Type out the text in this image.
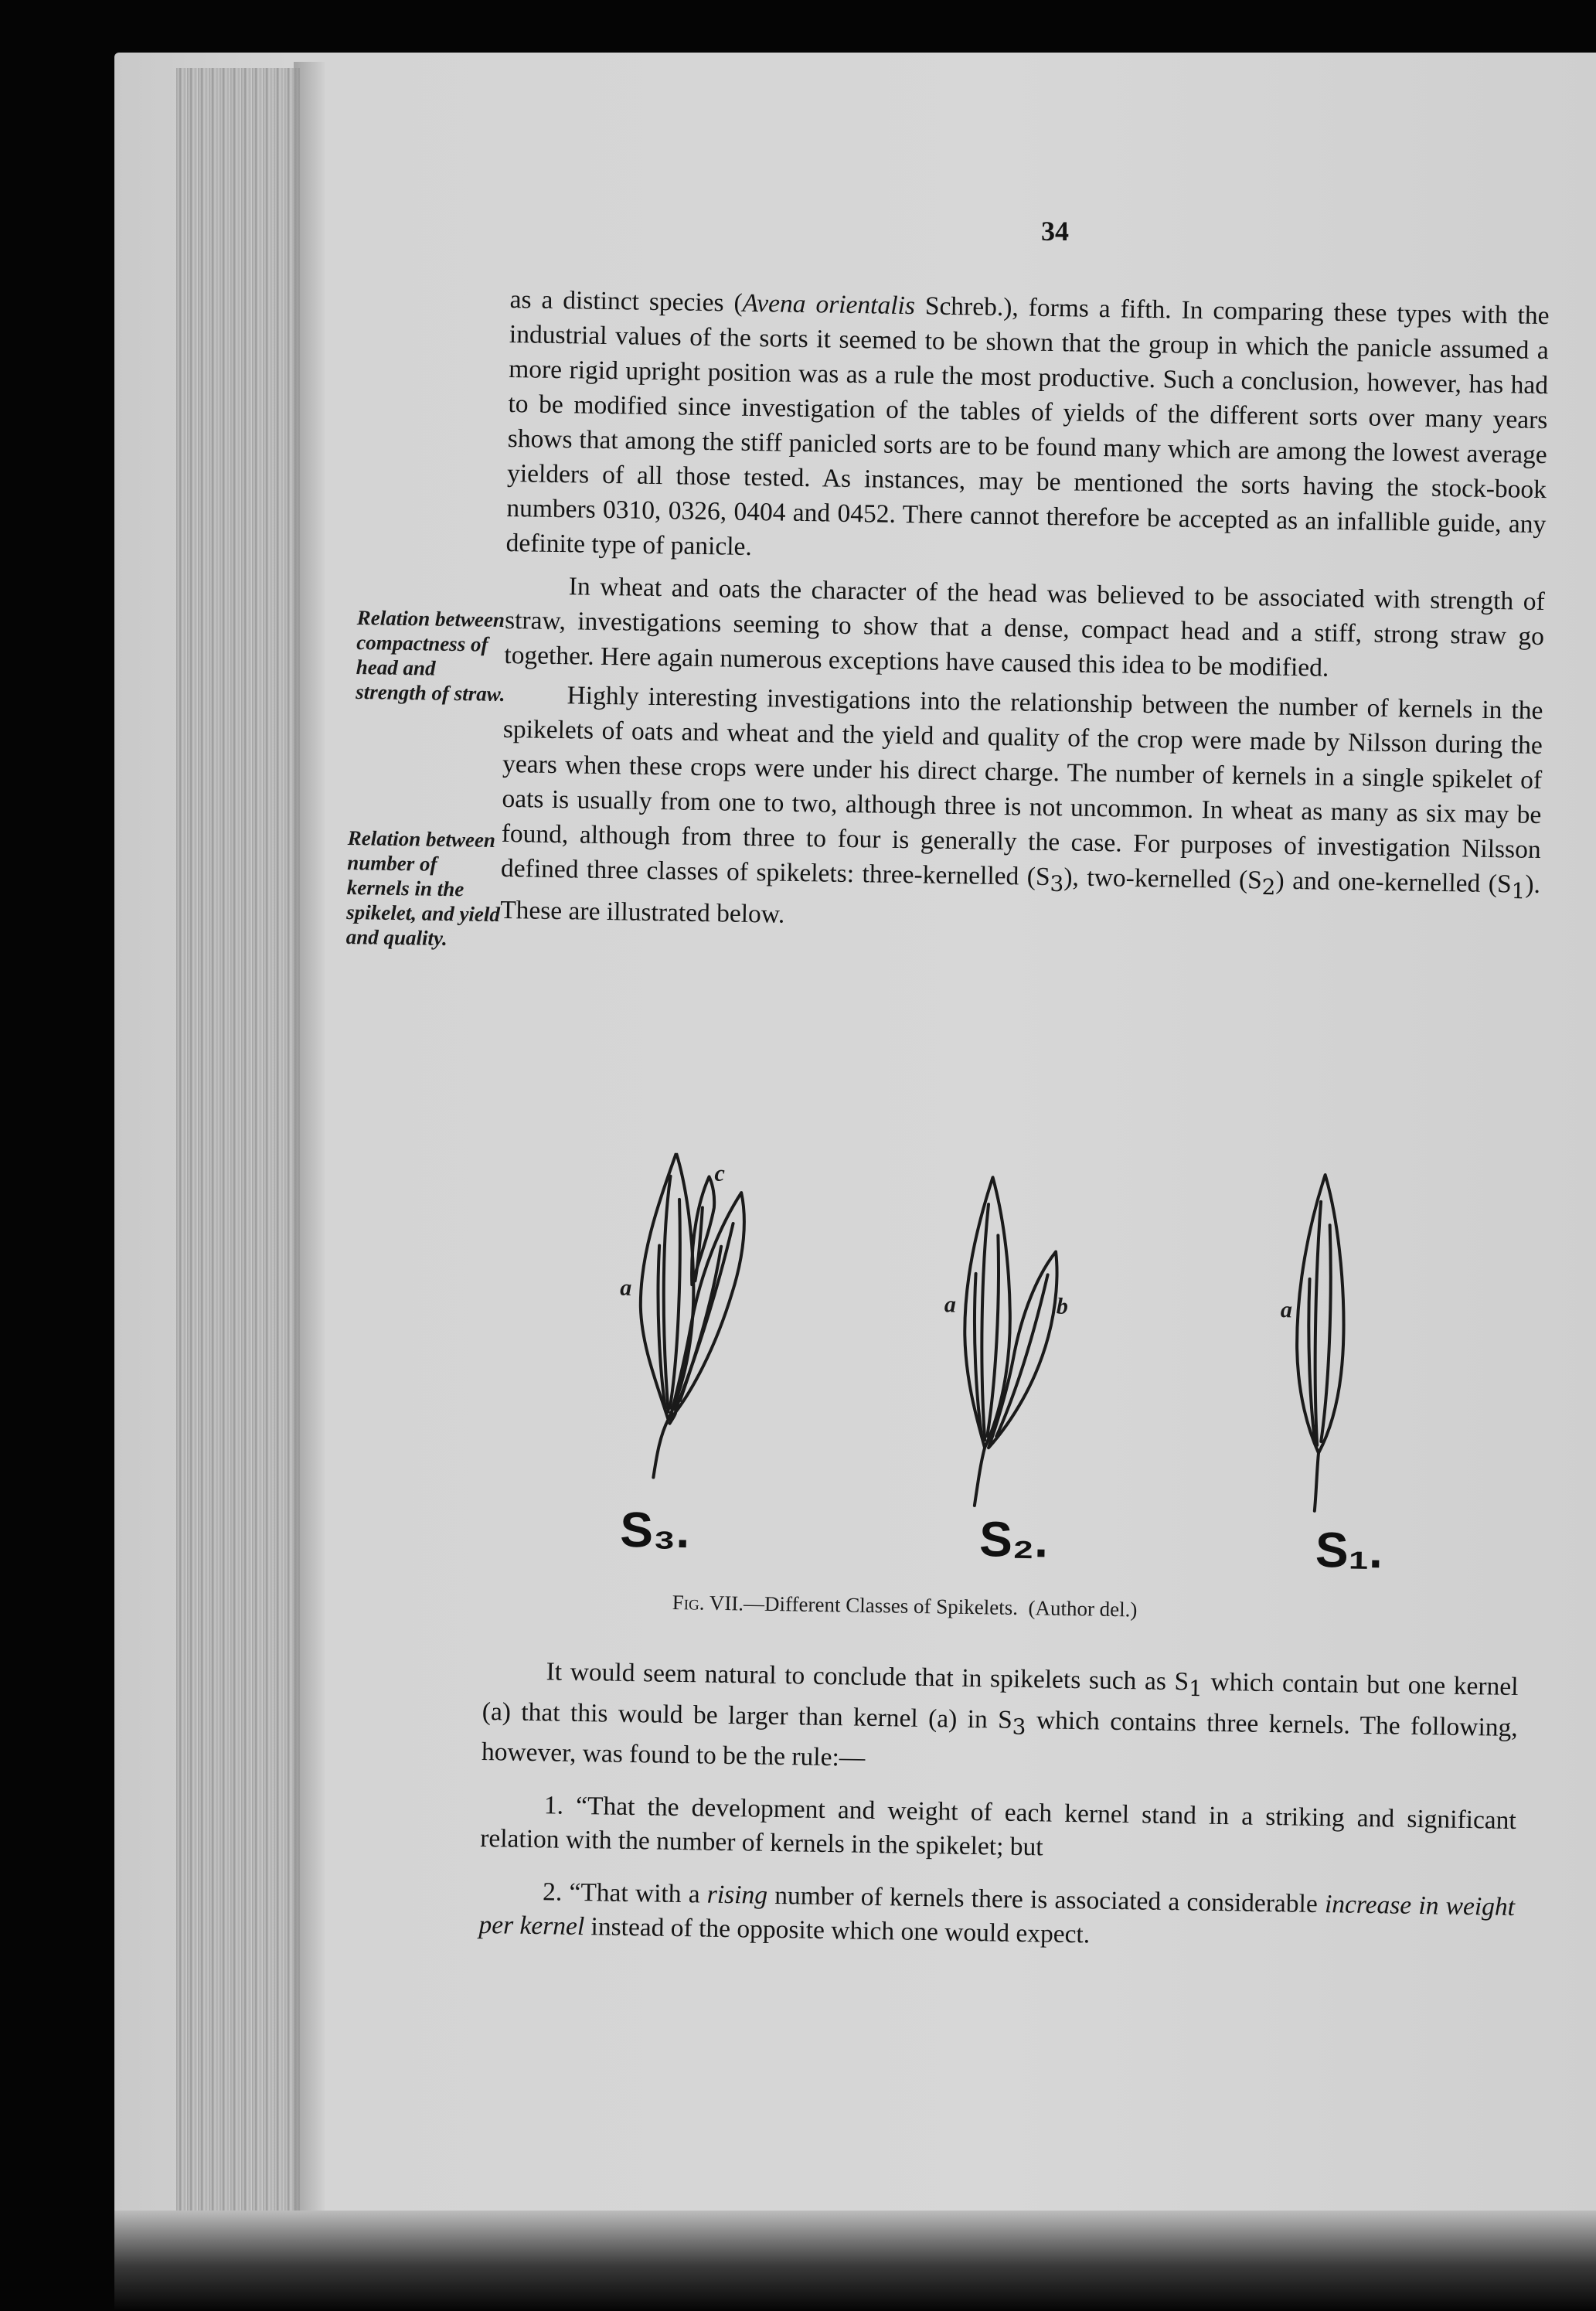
34

as a distinct species (Avena orientalis Schreb.), forms a fifth. In comparing these types with the industrial values of the sorts it seemed to be shown that the group in which the panicle assumed a more rigid upright position was as a rule the most productive. Such a conclusion, however, has had to be modified since investigation of the tables of yields of the different sorts over many years shows that among the stiff panicled sorts are to be found many which are among the lowest average yielders of all those tested. As instances, may be mentioned the sorts having the stock-book numbers 0310, 0326, 0404 and 0452. There cannot therefore be accepted as an infallible guide, any definite type of panicle.

In wheat and oats the character of the head was believed to be associated with strength of straw, investigations seeming to show that a dense, compact head and a stiff, strong straw go together. Here again numerous exceptions have caused this idea to be modified.

Highly interesting investigations into the relationship between the number of kernels in the spikelets of oats and wheat and the yield and quality of the crop were made by Nilsson during the years when these crops were under his direct charge. The number of kernels in a single spikelet of oats is usually from one to two, although three is not uncommon. In wheat as many as six may be found, although from three to four is generally the case. For purposes of investigation Nilsson defined three classes of spikelets: three-kernelled $(S_3)$, two-kernelled $(S_2)$ and one-kernelled $(S_1)$. These are illustrated below.

Relation between compactness of head and strength of straw.
Relation between number of kernels in the spikelet, and yield and quality.
a
c
a	b	a
S₃.	S₂.	S₁.
Fig. VII.—Different Classes of Spikelets. (Author del.)

It would seem natural to conclude that in spikelets such as $S_1$ which contain but one kernel (a) that this would be larger than kernel (a) in $S_3$ which contains three kernels. The following, however, was found to be the rule:—

1. “That the development and weight of each kernel stand in a striking and significant relation with the number of kernels in the spikelet; but

2. “That with a rising number of kernels there is associated a considerable increase in weight per kernel instead of the opposite which one would expect.
